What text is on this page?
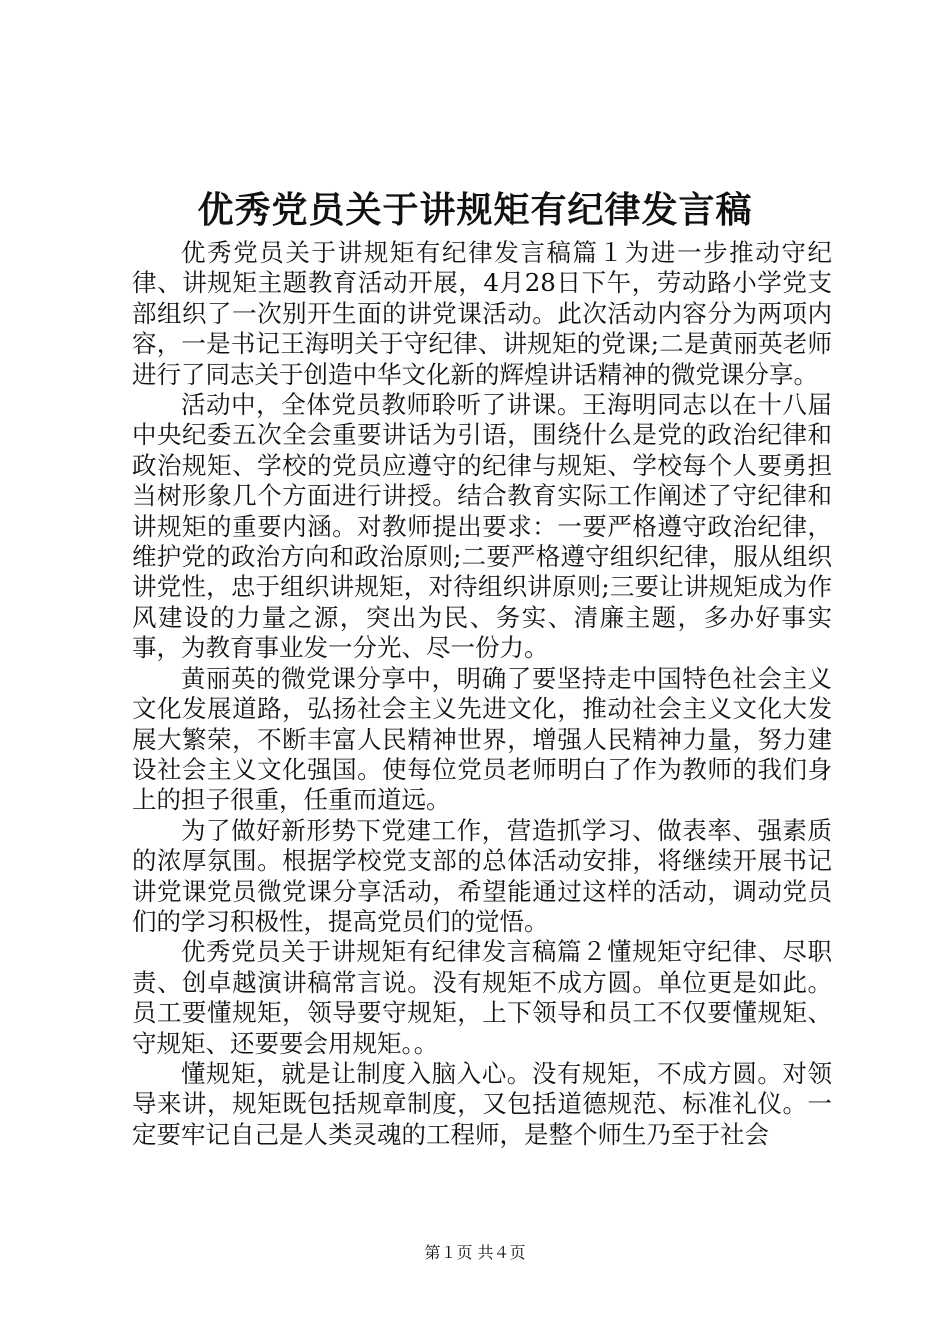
优秀党员关于讲规矩有纪律发言稿

优秀党员关于讲规矩有纪律发言稿篇１为进一步推动守纪律、讲规矩主题教育活动开展，4月28日下午，劳动路小学党支部组织了一次别开生面的讲党课活动。此次活动内容分为两项内容，一是书记王海明关于守纪律、讲规矩的党课;二是黄丽英老师进行了同志关于创造中华文化新的辉煌讲话精神的微党课分享。

活动中，全体党员教师聆听了讲课。王海明同志以在十八届中央纪委五次全会重要讲话为引语，围绕什么是党的政治纪律和政治规矩、学校的党员应遵守的纪律与规矩、学校每个人要勇担当树形象几个方面进行讲授。结合教育实际工作阐述了守纪律和讲规矩的重要内涵。对教师提出要求：一要严格遵守政治纪律，维护党的政治方向和政治原则;二要严格遵守组织纪律，服从组织讲党性，忠于组织讲规矩，对待组织讲原则;三要让讲规矩成为作风建设的力量之源，突出为民、务实、清廉主题，多办好事实事，为教育事业发一分光、尽一份力。

黄丽英的微党课分享中，明确了要坚持走中国特色社会主义文化发展道路，弘扬社会主义先进文化，推动社会主义文化大发展大繁荣，不断丰富人民精神世界，增强人民精神力量，努力建设社会主义文化强国。使每位党员老师明白了作为教师的我们身上的担子很重，任重而道远。

为了做好新形势下党建工作，营造抓学习、做表率、强素质的浓厚氛围。根据学校党支部的总体活动安排，将继续开展书记讲党课党员微党课分享活动，希望能通过这样的活动，调动党员们的学习积极性，提高党员们的觉悟。

优秀党员关于讲规矩有纪律发言稿篇２懂规矩守纪律、尽职责、创卓越演讲稿常言说。没有规矩不成方圆。单位更是如此。员工要懂规矩，领导要守规矩，上下领导和员工不仅要懂规矩、守规矩、还要要会用规矩。。

懂规矩，就是让制度入脑入心。没有规矩，不成方圆。对领导来讲，规矩既包括规章制度，又包括道德规范、标准礼仪。一定要牢记自己是人类灵魂的工程师，是整个师生乃至于社会

第１页 共４页
